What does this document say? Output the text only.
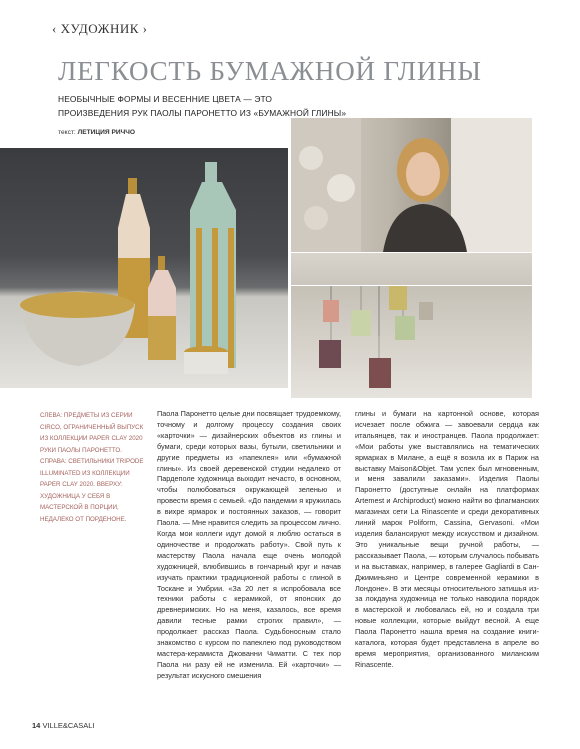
‹ ХУДОЖНИК ›
ЛЕГКОСТЬ БУМАЖНОЙ ГЛИНЫ
НЕОБЫЧНЫЕ ФОРМЫ И ВЕСЕННИЕ ЦВЕТА — ЭТО
ПРОИЗВЕДЕНИЯ РУК ПАОЛЫ ПАРОНЕТТО ИЗ «БУМАЖНОЙ ГЛИНЫ»
текст: ЛЕТИЦИЯ РИЧЧО
СЛЕВА: ПРЕДМЕТЫ ИЗ СЕРИИ CIRCO, ОГРАНИЧЕННЫЙ ВЫПУСК ИЗ КОЛЛЕКЦИИ PAPER CLAY 2020 РУКИ ПАОЛЫ ПАРОНЕТТО. СПРАВА: СВЕТИЛЬНИКИ TRIPODE ILLUMINATED ИЗ КОЛЛЕКЦИИ PAPER CLAY 2020. ВВЕРХУ: ХУДОЖНИЦА У СЕБЯ В МАСТЕРСКОЙ В ПОРЦИИ, НЕДАЛЕКО ОТ ПОРДЕНОНЕ.

Паола Паронетто целые дни посвящает трудоемкому, точному и долгому процессу создания своих «карточки» — дизайнерских объектов из глины и бумаги, среди которых вазы, бутыли, светильники и другие предметы из «папеклея» или «бумажной глины». Из своей деревенской студии недалеко от Пардеполе художница выходит нечасто, в основном, чтобы полюбоваться окружающей зеленью и провести время с семьей. «До пандемии я кружилась в вихре ярмарок и постоянных заказов, — говорит Паола. — Мне нравится следить за процессом лично. Когда мои коллеги идут домой я люблю остаться в одиночестве и продолжать работу». Свой путь к мастерству Паола начала еще очень молодой художницей, влюбившись в гончарный круг и начав изучать практики традиционной работы с глиной в Тоскане и Умбрии. «За 20 лет я испробовала все техники работы с керамикой, от японских до древнеримских. Но на меня, казалось, все время давили тесные рамки строгих правил», — продолжает рассказ Паола. Судьбоносным стало знакомство с курсом по папеклею под руководством мастера-керамиста Джованни Чиматти. С тех пор Паола ни разу ей не изменила. Ей «карточки» — результат искусного смешения

глины и бумаги на картонной основе, которая исчезает после обжига — завоевали сердца как итальянцев, так и иностранцев. Паола продолжает: «Мои работы уже выставлялись на тематических ярмарках в Милане, а ещё я возила их в Париж на выставку Maison&Objet. Там успех был мгновенным, и меня завалили заказами». Изделия Паолы Паронетто (доступные онлайн на платформах Artemest и Archiproduct) можно найти во флагманских магазинах сети La Rinascente и среди декоративных линий марок Poliform, Cassina, Gervasoni. «Мои изделия балансируют между искусством и дизайном. Это уникальные вещи ручной работы, — рассказывает Паола, — которым случалось побывать и на выставках, например, в галерее Gagliardi в Сан-Джиминьяно и Центре современной керамики в Лондоне». В эти месяцы относительного затишья из-за локдауна художница не только наводила порядок в мастерской и любовалась ей, но и создала три новые коллекции, которые выйдут весной. А еще Паола Паронетто нашла время на создание книги-каталога, которая будет представлена в апреле во время мероприятия, организованного миланским Rinascente.

14 VILLE&CASALI
